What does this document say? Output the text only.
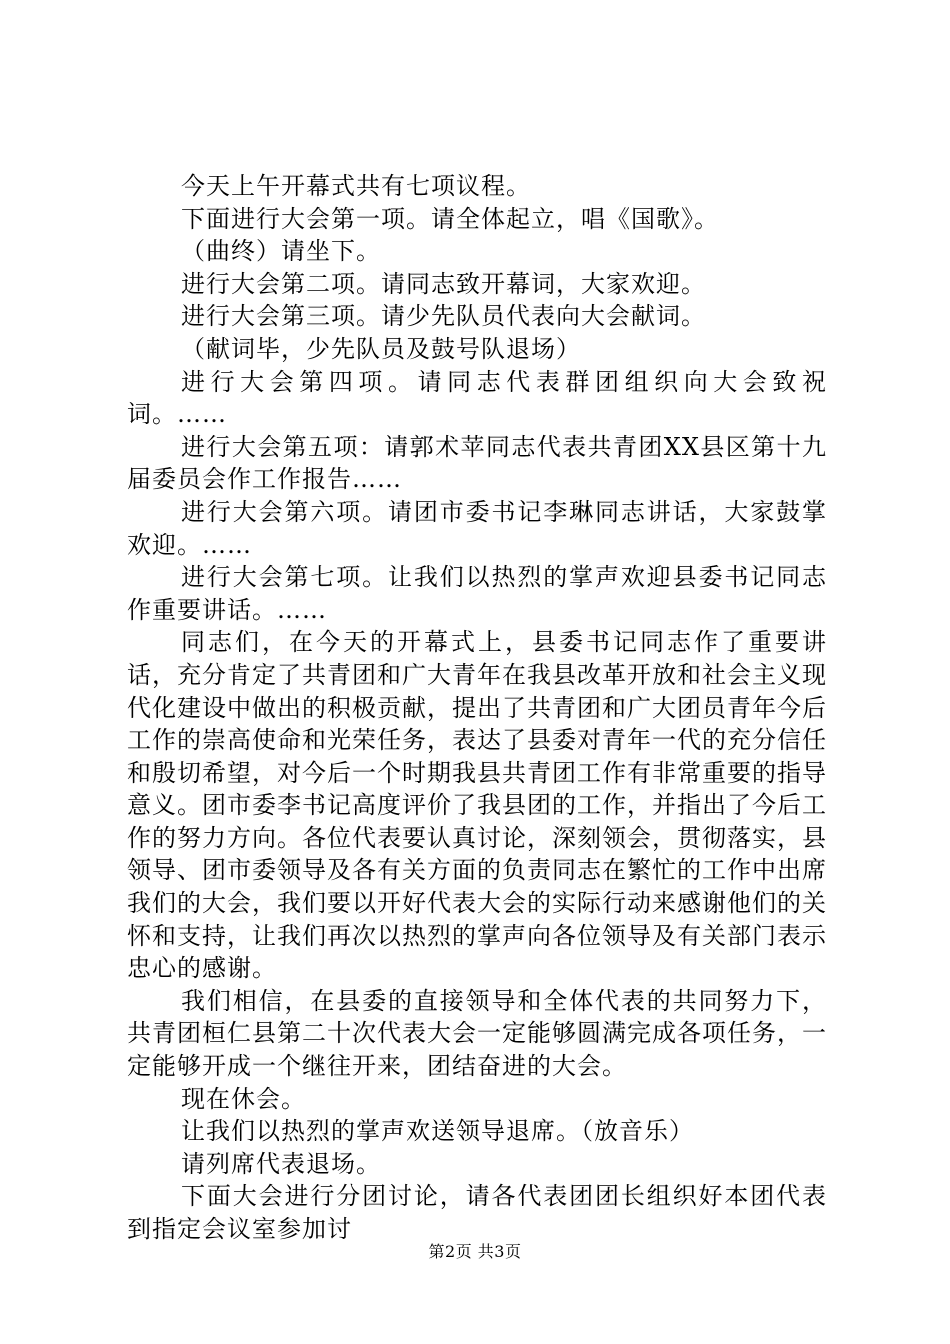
今天上午开幕式共有七项议程。

下面进行大会第一项。请全体起立，唱《国歌》。

（曲终）请坐下。

进行大会第二项。请同志致开幕词，大家欢迎。

进行大会第三项。请少先队员代表向大会献词。

（献词毕，少先队员及鼓号队退场）

进行大会第四项。请同志代表群团组织向大会致祝词。……

进行大会第五项：请郭术苹同志代表共青团XX县区第十九届委员会作工作报告……

进行大会第六项。请团市委书记李琳同志讲话，大家鼓掌欢迎。……

进行大会第七项。让我们以热烈的掌声欢迎县委书记同志作重要讲话。……

同志们，在今天的开幕式上，县委书记同志作了重要讲话，充分肯定了共青团和广大青年在我县改革开放和社会主义现代化建设中做出的积极贡献，提出了共青团和广大团员青年今后工作的崇高使命和光荣任务，表达了县委对青年一代的充分信任和殷切希望，对今后一个时期我县共青团工作有非常重要的指导意义。团市委李书记高度评价了我县团的工作，并指出了今后工作的努力方向。各位代表要认真讨论，深刻领会，贯彻落实，县领导、团市委领导及各有关方面的负责同志在繁忙的工作中出席我们的大会，我们要以开好代表大会的实际行动来感谢他们的关怀和支持，让我们再次以热烈的掌声向各位领导及有关部门表示忠心的感谢。

我们相信，在县委的直接领导和全体代表的共同努力下，共青团桓仁县第二十次代表大会一定能够圆满完成各项任务，一定能够开成一个继往开来，团结奋进的大会。

现在休会。

让我们以热烈的掌声欢送领导退席。（放音乐）

请列席代表退场。

下面大会进行分团讨论，请各代表团团长组织好本团代表到指定会议室参加讨

第2页 共3页
